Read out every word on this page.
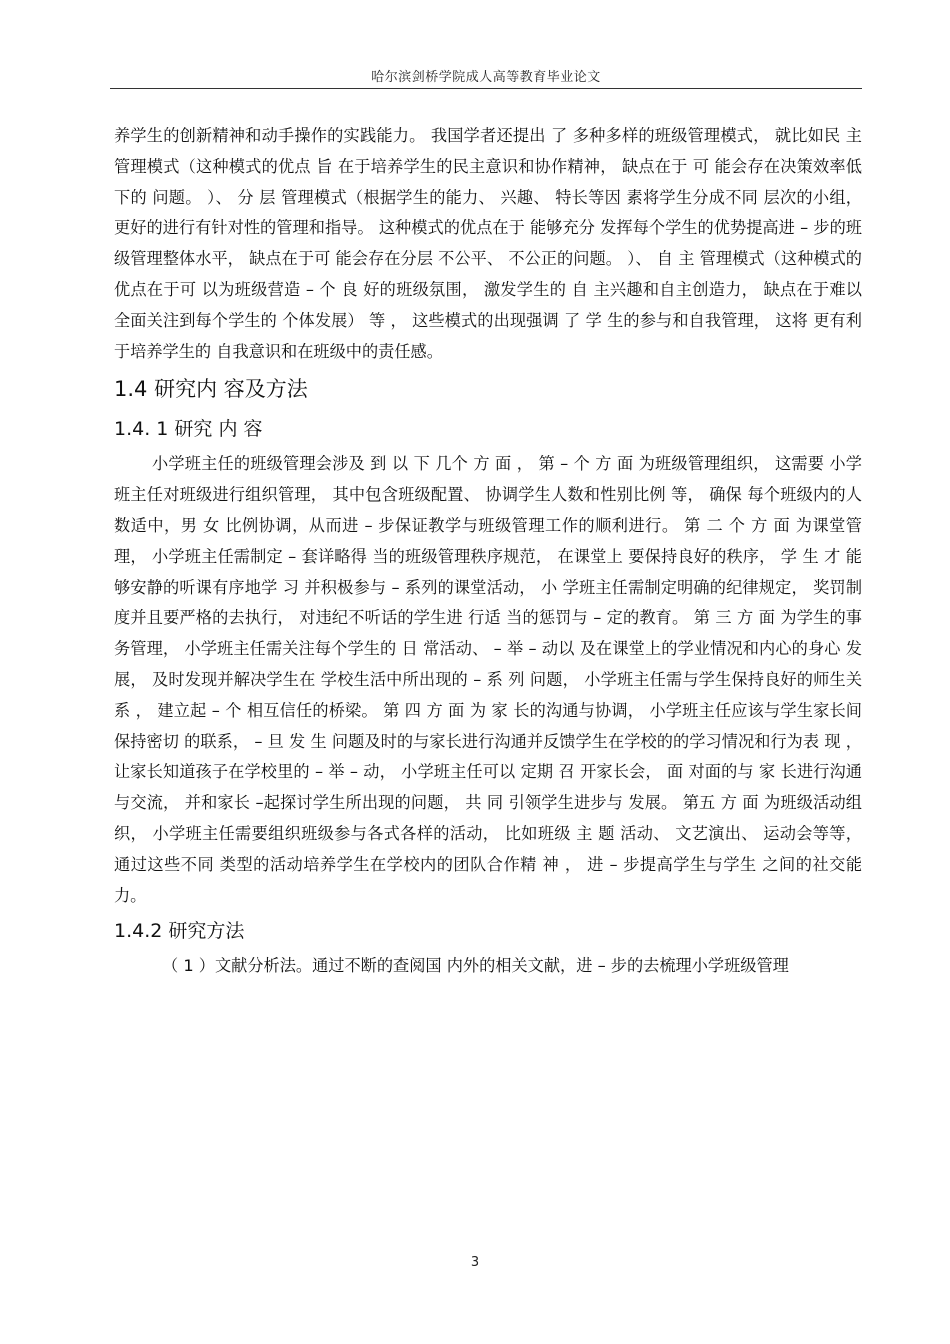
哈尔滨剑桥学院成人高等教育毕业论文

养学生的创新精神和动手操作的实践能力。 我国学者还提出 了 多种多样的班级管理模式， 就比如民 主 管理模式（这种模式的优点 旨 在于培养学生的民主意识和协作精神， 缺点在于 可 能会存在决策效率低下的 问题。 ）、 分 层 管理模式（根据学生的能力、 兴趣、 特长等因 素将学生分成不同 层次的小组， 更好的进行有针对性的管理和指导。 这种模式的优点在于 能够充分 发挥每个学生的优势提高进 – 步的班级管理整体水平， 缺点在于可 能会存在分层 不公平、 不公正的问题。 ）、 自 主 管理模式（这种模式的优点在于可 以为班级营造 – 个 良 好的班级氛围， 激发学生的 自 主兴趣和自主创造力， 缺点在于难以全面关注到每个学生的 个体发展） 等 ， 这些模式的出现强调 了 学 生的参与和自我管理， 这将 更有利于培养学生的 自我意识和在班级中的责任感。

1.4 研究内 容及方法
1.4. 1 研究 内 容

小学班主任的班级管理会涉及 到 以 下 几个 方 面 ， 第 – 个 方 面 为班级管理组织， 这需要 小学班主任对班级进行组织管理， 其中包含班级配置、 协调学生人数和性别比例 等， 确保 每个班级内的人数适中，男 女 比例协调，从而进 – 步保证教学与班级管理工作的顺利进行。 第 二 个 方 面 为课堂管理， 小学班主任需制定 – 套详略得 当的班级管理秩序规范， 在课堂上 要保持良好的秩序， 学 生 才 能够安静的听课有序地学 习 并积极参与 – 系列的课堂活动， 小 学班主任需制定明确的纪律规定， 奖罚制度并且要严格的去执行， 对违纪不听话的学生进 行适 当的惩罚与 – 定的教育。 第 三 方 面 为学生的事务管理， 小学班主任需关注每个学生的 日 常活动、 – 举 – 动以 及在课堂上的学业情况和内心的身心 发展， 及时发现并解决学生在 学校生活中所出现的 – 系 列 问题， 小学班主任需与学生保持良好的师生关系 ， 建立起 – 个 相互信任的桥梁。 第 四 方 面 为 家 长的沟通与协调， 小学班主任应该与学生家长间保持密切 的联系， – 旦 发 生 问题及时的与家长进行沟通并反馈学生在学校的的学习情况和行为表 现 ，让家长知道孩子在学校里的 – 举 – 动， 小学班主任可以 定期 召 开家长会， 面 对面的与 家 长进行沟通与交流， 并和家长 –起探讨学生所出现的问题， 共 同 引领学生进步与 发展。 第五 方 面 为班级活动组织， 小学班主任需要组织班级参与各式各样的活动， 比如班级 主 题 活动、 文艺演出、 运动会等等， 通过这些不同 类型的活动培养学生在学校内的团队合作精 神 ， 进 – 步提高学生与学生 之间的社交能力。

1.4.2 研究方法

（ 1 ）文献分析法。通过不断的查阅国 内外的相关文献，进 – 步的去梳理小学班级管理

3
